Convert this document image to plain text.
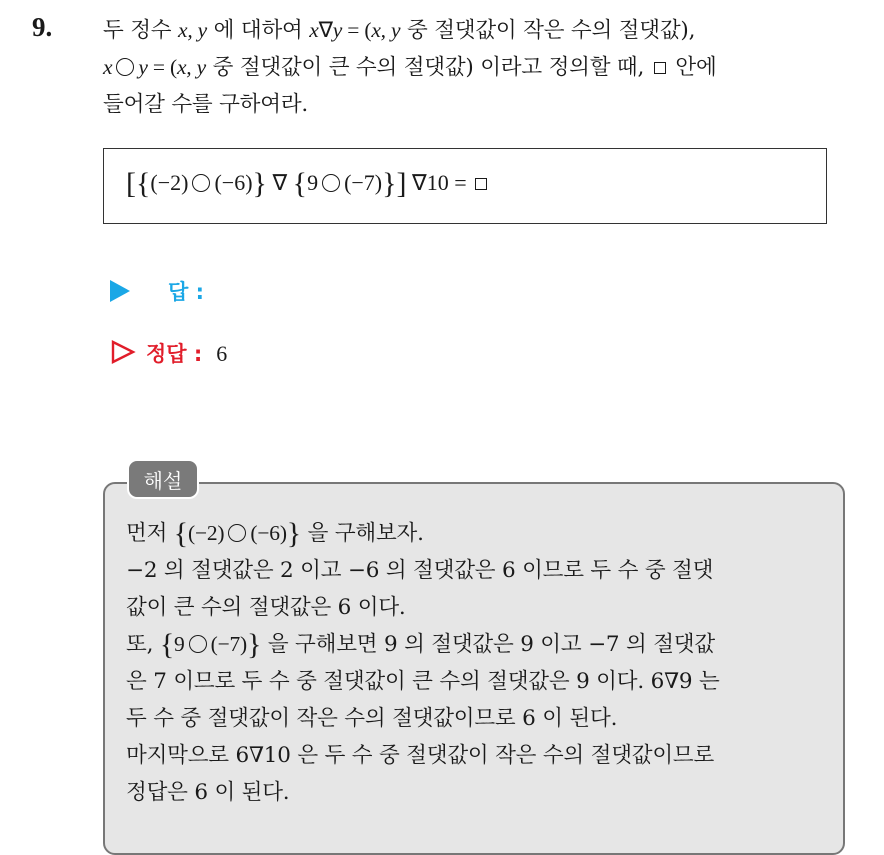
9. 두 정수 x, y 에 대하여 x∇y = (x, y 중 절댓값이 작은 수의 절댓값),
x y = (x, y 중 절댓값이 큰 수의 절댓값) 이라고 정의할 때,  안에
들어갈 수를 구하여라.
[{(−2) (−6)} ∇ {9 (−7)}] ∇10 =
답 :
정답 : 6
해설
먼저 {(−2) (−6)} 을 구해보자.
−2 의 절댓값은 2 이고 −6 의 절댓값은 6 이므로 두 수 중 절댓
값이 큰 수의 절댓값은 6 이다.
또, {9 (−7)} 을 구해보면 9 의 절댓값은 9 이고 −7 의 절댓값
은 7 이므로 두 수 중 절댓값이 큰 수의 절댓값은 9 이다. 6∇9 는
두 수 중 절댓값이 작은 수의 절댓값이므로 6 이 된다.
마지막으로 6∇10 은 두 수 중 절댓값이 작은 수의 절댓값이므로
정답은 6 이 된다.
